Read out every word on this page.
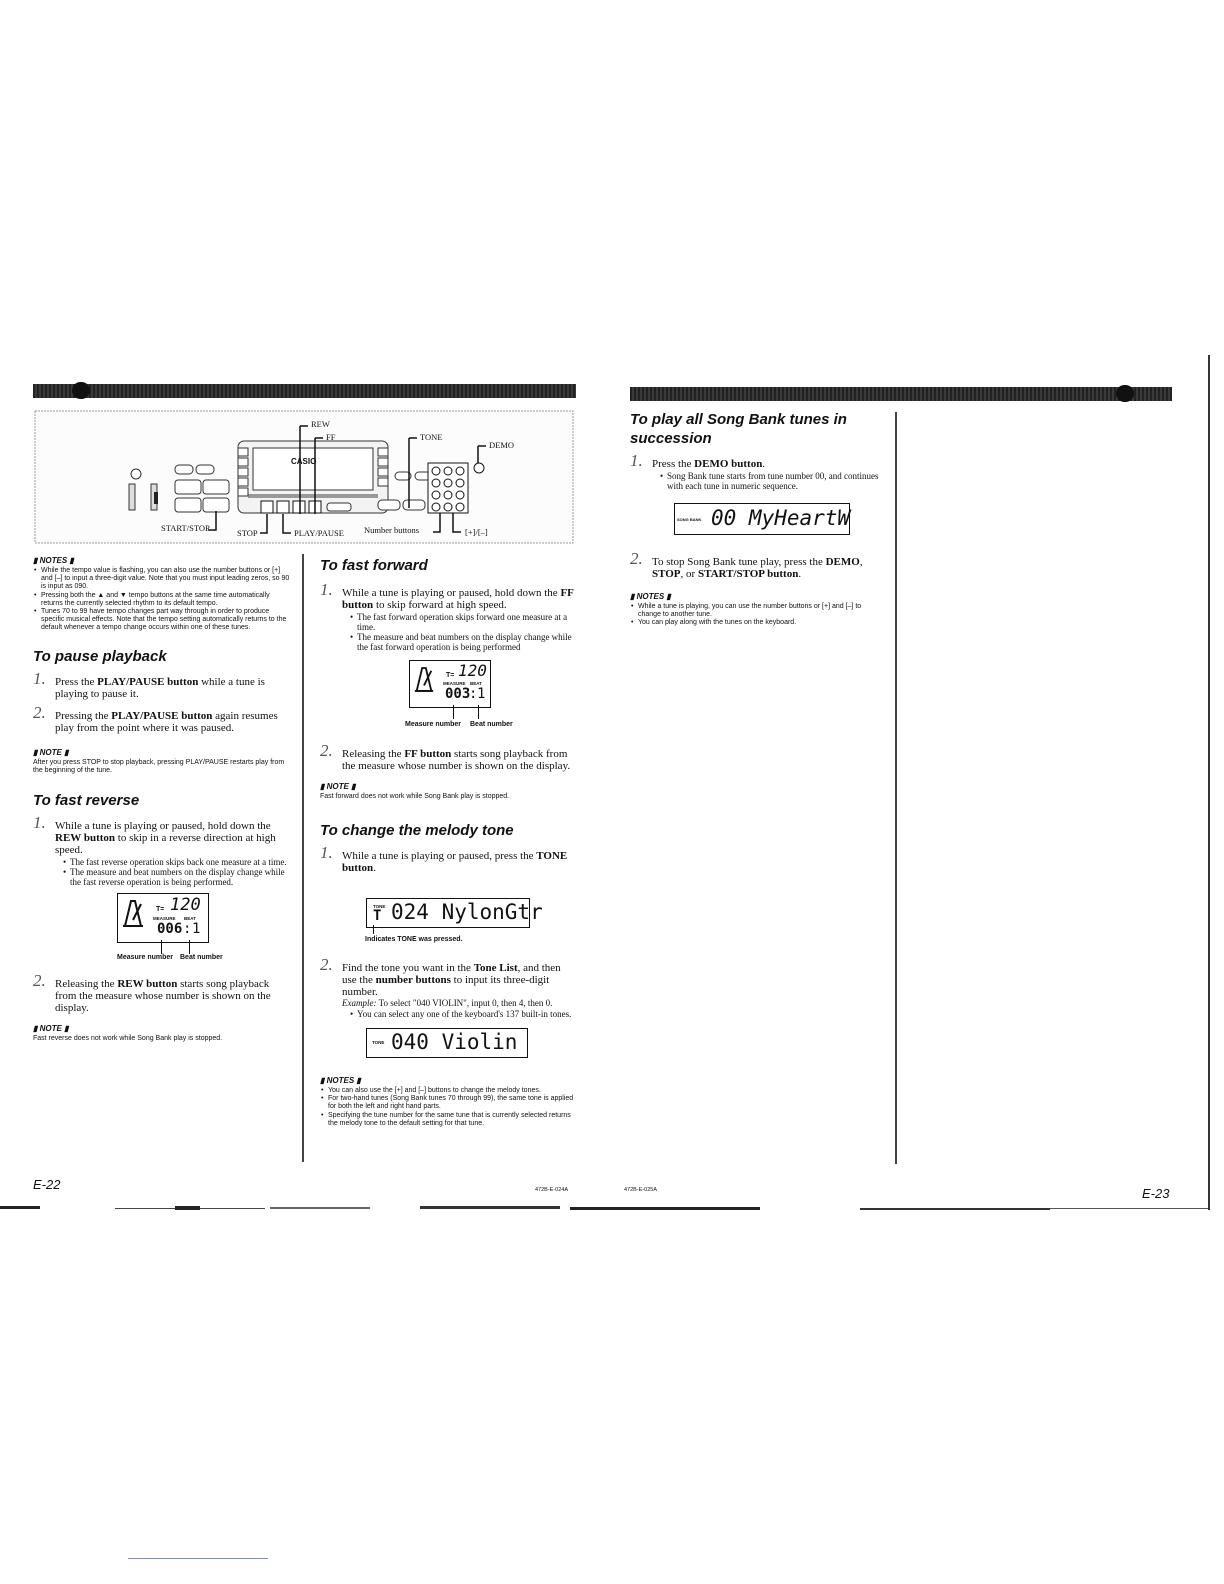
CASIO
REW
FF	TONE
DEMO
START/STOP	STOP	PLAY/PAUSE Number buttons	[+]/[–]
▮ NOTES ▮
• While the tempo value is flashing, you can also use the number buttons or [+] and [–] to input a three-digit value. Note that you must input leading zeros, so 90 is input as 090.
• Pressing both the ▲ and ▼ tempo buttons at the same time automatically returns the currently selected rhythm to its default tempo.
• Tunes 70 to 99 have tempo changes part way through in order to produce specific musical effects. Note that the tempo setting automatically returns to the default whenever a tempo change occurs within one of these tunes.
To pause playback
1. Press the PLAY/PAUSE button while a tune is playing to pause it.
2. Pressing the PLAY/PAUSE button again resumes play from the point where it was paused.
▮ NOTE ▮

After you press STOP to stop playback, pressing PLAY/PAUSE restarts play from the beginning of the tune.

To fast reverse
1. While a tune is playing or paused, hold down the REW button to skip in a reverse direction at high speed.
• The fast reverse operation skips back one measure at a time.
• The measure and beat numbers on the display change while the fast reverse operation is being performed.
T= 120
MEASURE BEAT
006 : 1
Measure number Beat number
2. Releasing the REW button starts song playback from the measure whose number is shown on the display.
▮ NOTE ▮

Fast reverse does not work while Song Bank play is stopped.

To fast forward
1. While a tune is playing or paused, hold down the FF button to skip forward at high speed.
• The fast forward operation skips forward one measure at a time.
• The measure and beat numbers on the display change while the fast forward operation is being performed
T= 120
MEASURE BEAT
003
: 1
Measure number Beat number
2. Releasing the FF button starts song playback from the measure whose number is shown on the display.
▮ NOTE ▮

Fast forward does not work while Song Bank play is stopped.

To change the melody tone
1. While a tune is playing or paused, press the TONE button.
TONE
T 024 NylonGtr
Indicates TONE was pressed.
2. Find the tone you want in the Tone List, and then use the number buttons to input its three-digit number.
Example: To select "040 VIOLIN", input 0, then 4, then 0.
• You can select any one of the keyboard's 137 built-in tones.
TONE 040 Violin
▮ NOTES ▮
• You can also use the [+] and [–] buttons to change the melody tones.
• For two-hand tunes (Song Bank tunes 70 through 99), the same tone is applied for both the left and right hand parts.
• Specifying the tune number for the same tune that is currently selected returns the melody tone to the default setting for that tune.
To play all Song Bank tunes in succession
1. Press the DEMO button.
• Song Bank tune starts from tune number 00, and continues with each tune in numeric sequence.
SONG BANK 00 MyHeartW
2. To stop Song Bank tune play, press the DEMO, STOP, or START/STOP button.
▮ NOTES ▮
• While a tune is playing, you can use the number buttons or [+] and [–] to change to another tune.
• You can play along with the tunes on the keyboard.
E-22	472B-E-024A	472B-E-025A	E-23
